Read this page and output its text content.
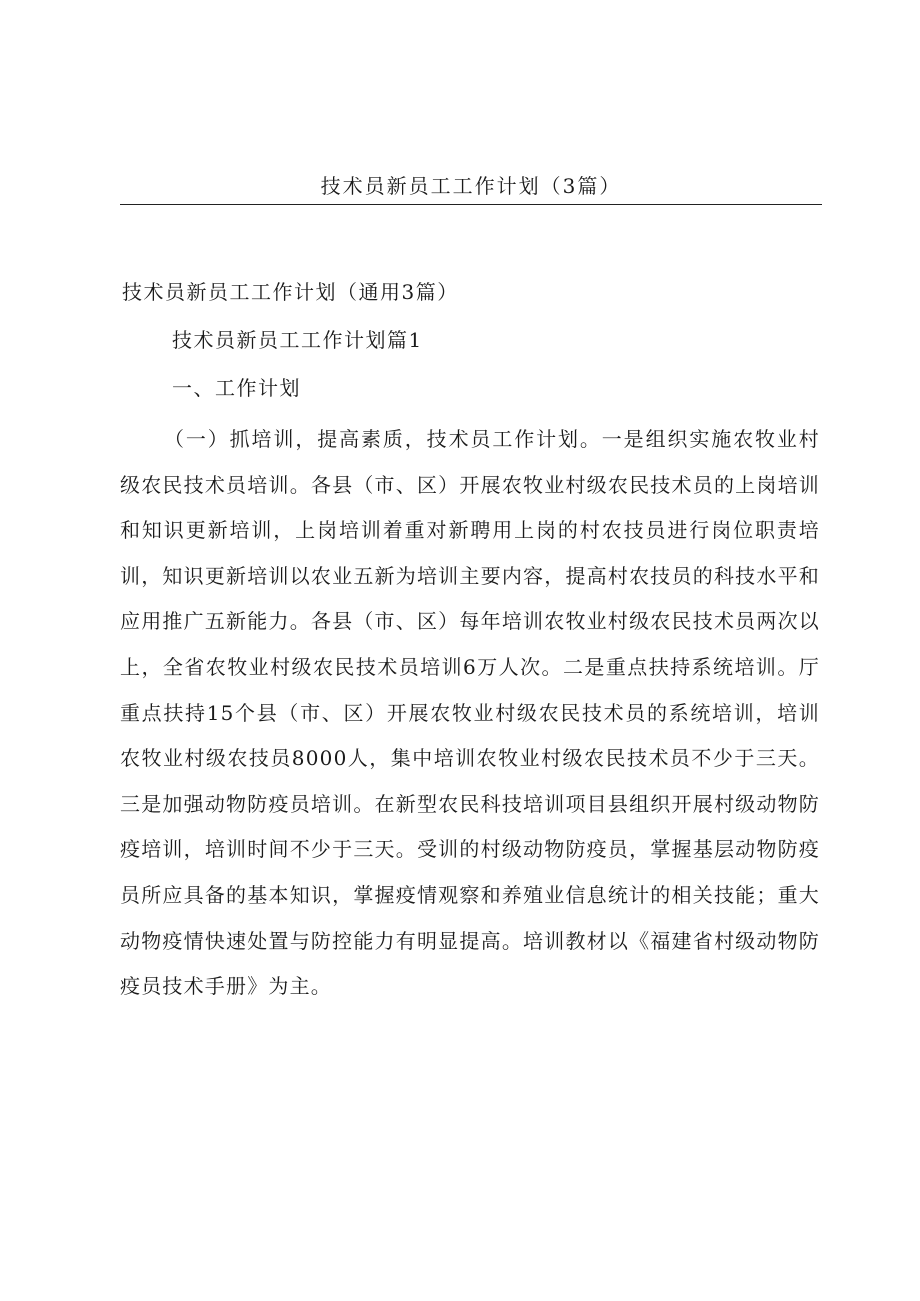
技术员新员工工作计划（3篇）
技术员新员工工作计划（通用3篇）
技术员新员工工作计划篇1
一、工作计划

（一）抓培训，提高素质，技术员工作计划。一是组织实施农牧业村级农民技术员培训。各县（市、区）开展农牧业村级农民技术员的上岗培训和知识更新培训，上岗培训着重对新聘用上岗的村农技员进行岗位职责培训，知识更新培训以农业五新为培训主要内容，提高村农技员的科技水平和应用推广五新能力。各县（市、区）每年培训农牧业村级农民技术员两次以上，全省农牧业村级农民技术员培训6万人次。二是重点扶持系统培训。厅重点扶持15个县（市、区）开展农牧业村级农民技术员的系统培训，培训农牧业村级农技员8000人，集中培训农牧业村级农民技术员不少于三天。三是加强动物防疫员培训。在新型农民科技培训项目县组织开展村级动物防疫培训，培训时间不少于三天。受训的村级动物防疫员，掌握基层动物防疫员所应具备的基本知识，掌握疫情观察和养殖业信息统计的相关技能；重大动物疫情快速处置与防控能力有明显提高。培训教材以《福建省村级动物防疫员技术手册》为主。
